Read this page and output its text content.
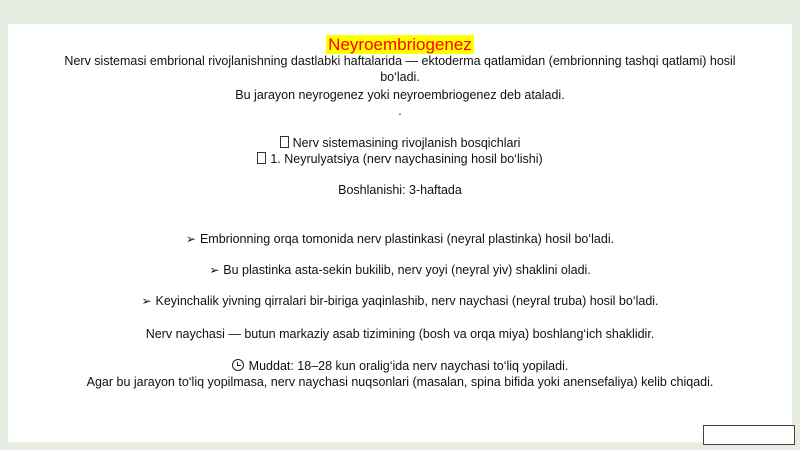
Neyroembriogenez
Nerv sistemasi embrional rivojlanishning dastlabki haftalarida — ektoderma qatlamidan (embrionning tashqi qatlami) hosil
bo‘ladi.
Bu jarayon neyrogenez yoki neyroembriogenez deb ataladi.
.
Nerv sistemasining rivojlanish bosqichlari
1. Neyrulyatsiya (nerv naychasining hosil bo‘lishi)
Boshlanishi: 3-haftada
➢ Embrionning orqa tomonida nerv plastinkasi (neyral plastinka) hosil bo‘ladi.
➢ Bu plastinka asta-sekin bukilib, nerv yoyi (neyral yiv) shaklini oladi.
➢ Keyinchalik yivning qirralari bir-biriga yaqinlashib, nerv naychasi (neyral truba) hosil bo‘ladi.
Nerv naychasi — butun markaziy asab tizimining (bosh va orqa miya) boshlang‘ich shaklidir.
Muddat: 18–28 kun oralig‘ida nerv naychasi to‘liq yopiladi.
Agar bu jarayon to‘liq yopilmasa, nerv naychasi nuqsonlari (masalan, spina bifida yoki anensefaliya) kelib chiqadi.
